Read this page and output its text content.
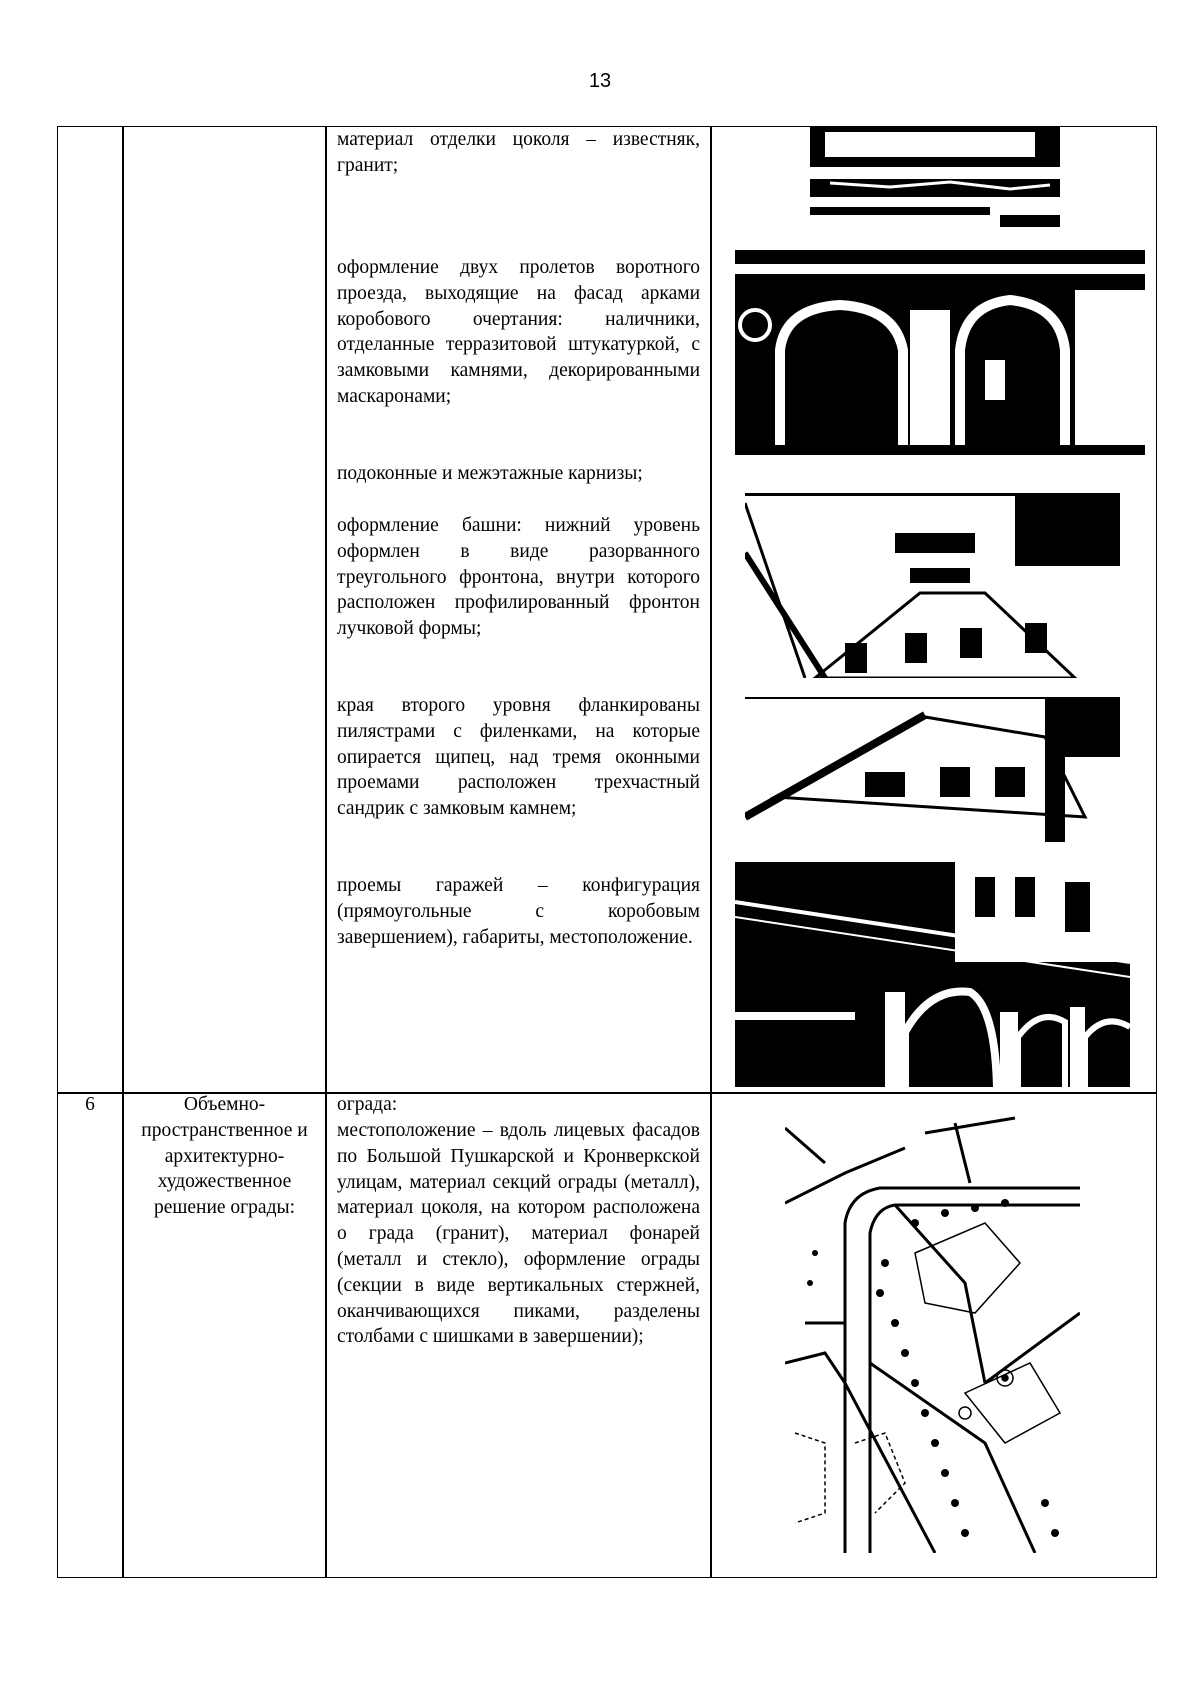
13
материал отделки цоколя – известняк, гранит;
оформление двух пролетов воротного проезда, выходящие на фасад арками коробового очертания: наличники, отделанные терразитовой штукатуркой, с замковыми камнями, декорированными маскаронами;
подоконные и межэтажные карнизы;
оформление башни: нижний уровень оформлен в виде разорванного треугольного фронтона, внутри которого расположен профилированный фронтон лучковой формы;
края второго уровня фланкированы пилястрами с филенками, на которые опирается щипец, над тремя оконными проемами расположен трехчастный сандрик с замковым камнем;
проемы гаражей – конфигурация (прямоугольные с коробовым завершением), габариты, местоположение.
6	Объемно-пространственное и архитектурно-художественное решение ограды:
ограда:
местоположение – вдоль лицевых фасадов по Большой Пушкарской и Кронверкской улицам, материал секций ограды (металл), материал цоколя, на котором расположена о града (гранит), материал фонарей (металл и стекло), оформление ограды (секции в виде вертикальных стержней, оканчивающихся пиками, разделены столбами с шишками в завершении);
